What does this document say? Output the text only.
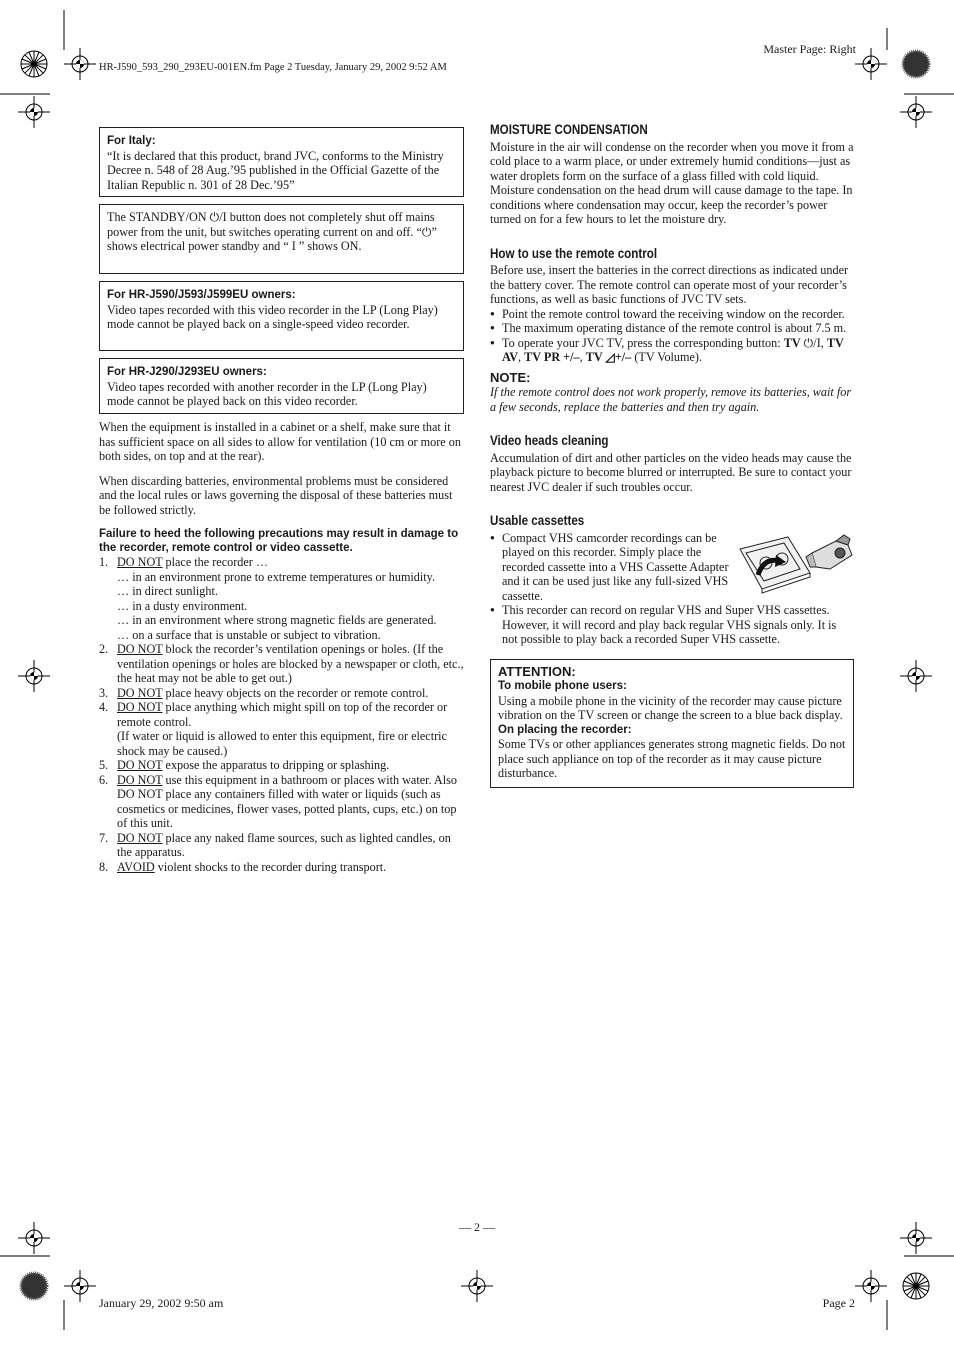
Master Page: Right
HR-J590_593_290_293EU-001EN.fm Page 2 Tuesday, January 29, 2002 9:52 AM
For Italy:
“It is declared that this product, brand JVC, conforms to the Ministry Decree n. 548 of 28 Aug.’95 published in the Official Gazette of the Italian Republic n. 301 of 28 Dec.’95”
The STANDBY/ON ⏻/I button does not completely shut off mains power from the unit, but switches operating current on and off. “⏻” shows electrical power standby and “ I ” shows ON.
For HR-J590/J593/J599EU owners:
Video tapes recorded with this video recorder in the LP (Long Play) mode cannot be played back on a single-speed video recorder.
For HR-J290/J293EU owners:
Video tapes recorded with another recorder in the LP (Long Play) mode cannot be played back on this video recorder.

When the equipment is installed in a cabinet or a shelf, make sure that it has sufficient space on all sides to allow for ventilation (10 cm or more on both sides, on top and at the rear).

When discarding batteries, environmental problems must be considered and the local rules or laws governing the disposal of these batteries must be followed strictly.

Failure to heed the following precautions may result in damage to the recorder, remote control or video cassette.

1. DO NOT place the recorder …
… in an environment prone to extreme temperatures or humidity.
… in direct sunlight.
… in a dusty environment.
… in an environment where strong magnetic fields are generated.
… on a surface that is unstable or subject to vibration.
2. DO NOT block the recorder’s ventilation openings or holes. (If the ventilation openings or holes are blocked by a newspaper or cloth, etc., the heat may not be able to get out.)
3. DO NOT place heavy objects on the recorder or remote control.
4. DO NOT place anything which might spill on top of the recorder or remote control.
(If water or liquid is allowed to enter this equipment, fire or electric shock may be caused.)
5. DO NOT expose the apparatus to dripping or splashing.
6. DO NOT use this equipment in a bathroom or places with water. Also DO NOT place any containers filled with water or liquids (such as cosmetics or medicines, flower vases, potted plants, cups, etc.) on top of this unit.
7. DO NOT place any naked flame sources, such as lighted candles, on the apparatus.
8. AVOID violent shocks to the recorder during transport.
MOISTURE CONDENSATION

Moisture in the air will condense on the recorder when you move it from a cold place to a warm place, or under extremely humid conditions—just as water droplets form on the surface of a glass filled with cold liquid. Moisture condensation on the head drum will cause damage to the tape. In conditions where condensation may occur, keep the recorder’s power turned on for a few hours to let the moisture dry.

How to use the remote control

Before use, insert the batteries in the correct directions as indicated under the battery cover. The remote control can operate most of your recorder’s functions, as well as basic functions of JVC TV sets.

● Point the remote control toward the receiving window on the recorder.
● The maximum operating distance of the remote control is about 7.5 m.
● To operate your JVC TV, press the corresponding button: TV ⏻/I, TV AV, TV PR +/–, TV ◿+/– (TV Volume).
NOTE:

If the remote control does not work properly, remove its batteries, wait for a few seconds, replace the batteries and then try again.

Video heads cleaning

Accumulation of dirt and other particles on the video heads may cause the playback picture to become blurred or interrupted. Be sure to contact your nearest JVC dealer if such troubles occur.

Usable cassettes
● Compact VHS camcorder recordings can be played on this recorder. Simply place the recorded cassette into a VHS Cassette Adapter and it can be used just like any full-sized VHS cassette.
● This recorder can record on regular VHS and Super VHS cassettes. However, it will record and play back regular VHS signals only. It is not possible to play back a recorded Super VHS cassette.
ATTENTION:
To mobile phone users:
Using a mobile phone in the vicinity of the recorder may cause picture vibration on the TV screen or change the screen to a blue back display.
On placing the recorder:
Some TVs or other appliances generates strong magnetic fields. Do not place such appliance on top of the recorder as it may cause picture disturbance.
— 2 —
January 29, 2002 9:50 am	Page 2
